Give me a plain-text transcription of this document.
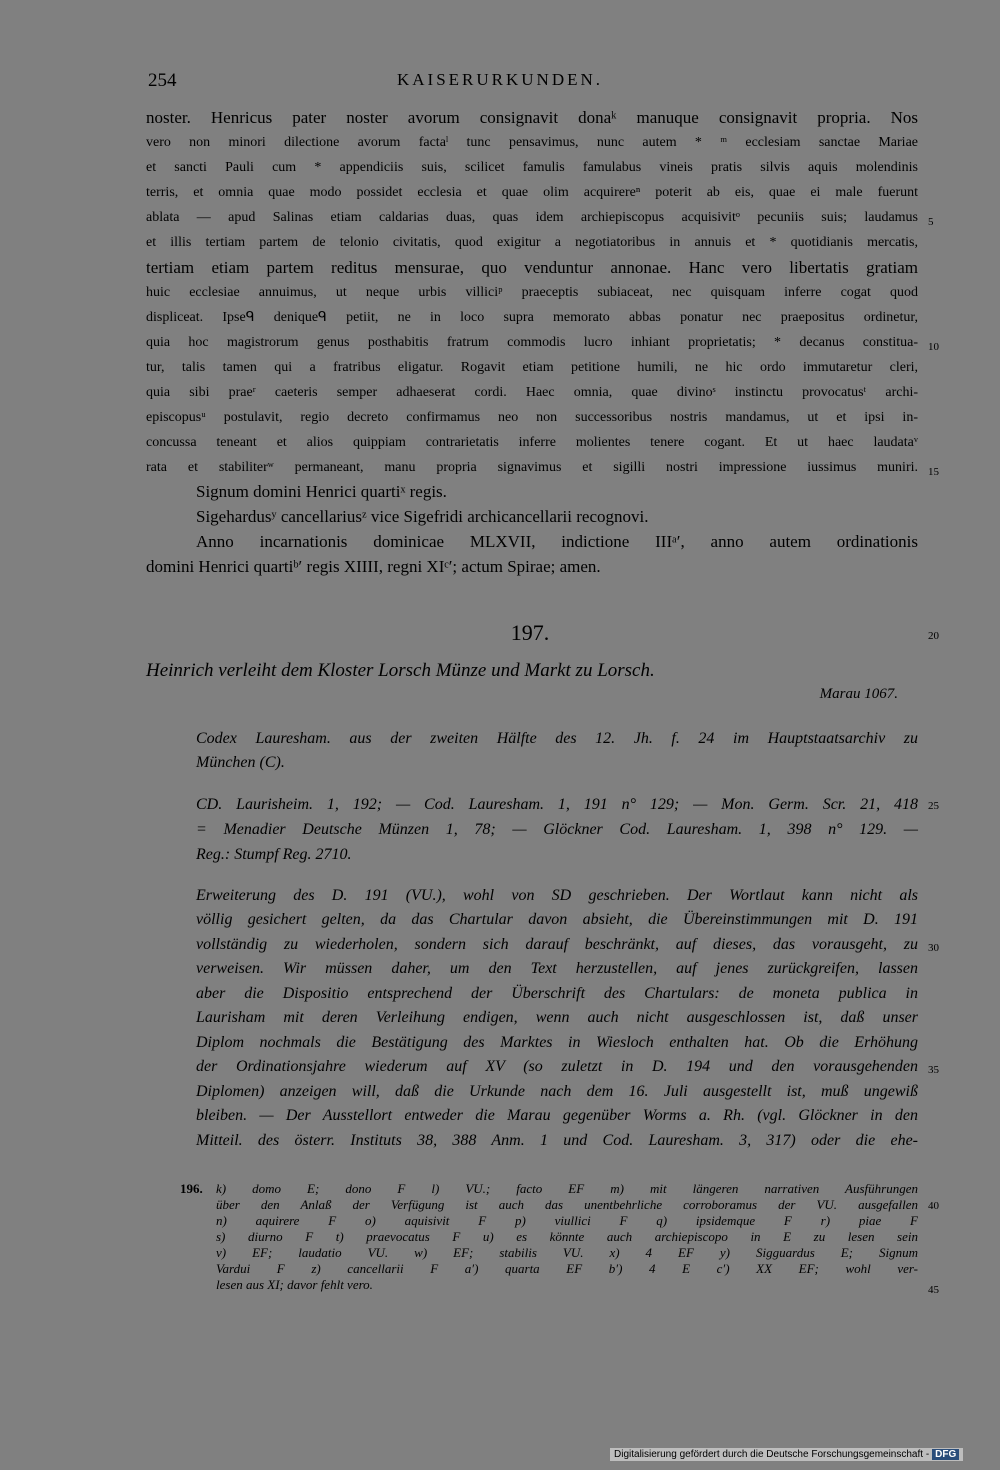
254	KAISERURKUNDEN.
noster. Henricus pater noster avorum consignavit donaᵏ manuque consignavit propria. Nos
vero non minori dilectione avorum factaˡ tunc pensavimus, nunc autem * ᵐ ecclesiam sanctae Mariae
et sancti Pauli cum * appendiciis suis, scilicet famulis famulabus vineis pratis silvis aquis molendinis
terris, et omnia quae modo possidet ecclesia et quae olim acquirereⁿ poterit ab eis, quae ei male fuerunt
ablata — apud Salinas etiam caldarias duas, quas idem archiepiscopus acquisivitᵒ pecuniis suis; laudamus
et illis tertiam partem de telonio civitatis, quod exigitur a negotiatoribus in annuis et * quotidianis mercatis,
tertiam etiam partem reditus mensurae, quo venduntur annonae. Hanc vero libertatis gratiam
huic ecclesiae annuimus, ut neque urbis villiciᵖ praeceptis subiaceat, nec quisquam inferre cogat quod
displiceat. Ipseᑫ deniqueᑫ petiit, ne in loco supra memorato abbas ponatur nec praepositus ordinetur,
quia hoc magistrorum genus posthabitis fratrum commodis lucro inhiant proprietatis; * decanus constitua-
tur, talis tamen qui a fratribus eligatur. Rogavit etiam petitione humili, ne hic ordo immutaretur cleri,
quia sibi praeʳ caeteris semper adhaeserat cordi. Haec omnia, quae divinoˢ instinctu provocatusᵗ archi-
episcopusᵘ postulavit, regio decreto confirmamus neo non successoribus nostris mandamus, ut et ipsi in-
concussa teneant et alios quippiam contrarietatis inferre molientes tenere cogant. Et ut haec laudataᵛ
rata et stabiliterʷ permaneant, manu propria signavimus et sigilli nostri impressione iussimus muniri.
Signum domini Henrici quartiˣ regis.
Sigehardusʸ cancellariusᶻ vice Sigefridi archicancellarii recognovi.
Anno incarnationis dominicae MLXVII, indictione IIIᵃ′, anno autem ordinationis
domini Henrici quartiᵇ′ regis XIIII, regni XIᶜ′; actum Spirae; amen.
5
10
15
20
25
30
35
40
45
197.
Heinrich verleiht dem Kloster Lorsch Münze und Markt zu Lorsch.
Marau 1067.
Codex Lauresham. aus der zweiten Hälfte des 12. Jh. f. 24 im Hauptstaatsarchiv zu
München (C).
CD. Laurisheim. 1, 192; — Cod. Lauresham. 1, 191 n° 129; — Mon. Germ. Scr. 21, 418
= Menadier Deutsche Münzen 1, 78; — Glöckner Cod. Lauresham. 1, 398 n° 129. —
Reg.: Stumpf Reg. 2710.
Erweiterung des D. 191 (VU.), wohl von SD geschrieben. Der Wortlaut kann nicht als
völlig gesichert gelten, da das Chartular davon absieht, die Übereinstimmungen mit D. 191
vollständig zu wiederholen, sondern sich darauf beschränkt, auf dieses, das vorausgeht, zu
verweisen. Wir müssen daher, um den Text herzustellen, auf jenes zurückgreifen, lassen
aber die Dispositio entsprechend der Überschrift des Chartulars: de moneta publica in
Laurisham mit deren Verleihung endigen, wenn auch nicht ausgeschlossen ist, daß unser
Diplom nochmals die Bestätigung des Marktes in Wiesloch enthalten hat. Ob die Erhöhung
der Ordinationsjahre wiederum auf XV (so zuletzt in D. 194 und den vorausgehenden
Diplomen) anzeigen will, daß die Urkunde nach dem 16. Juli ausgestellt ist, muß ungewiß
bleiben. — Der Ausstellort entweder die Marau gegenüber Worms a. Rh. (vgl. Glöckner in den
Mitteil. des österr. Instituts 38, 388 Anm. 1 und Cod. Lauresham. 3, 317) oder die ehe-
196. k) domo E; dono F l) VU.; facto EF m) mit längeren narrativen Ausführungen
über den Anlaß der Verfügung ist auch das unentbehrliche corroboramus der VU. ausgefallen
n) aquirere F o) aquisivit F p) viullici F q) ipsidemque F r) piae F
s) diurno F t) praevocatus F u) es könnte auch archiepiscopo in E zu lesen sein
v) EF; laudatio VU. w) EF; stabilis VU. x) 4 EF y) Sigguardus E; Signum
Vardui F z) cancellarii F a′) quarta EF b′) 4 E c′) XX EF; wohl ver-
lesen aus XI; davor fehlt vero.
Digitalisierung gefördert durch die Deutsche Forschungsgemeinschaft - DFG
